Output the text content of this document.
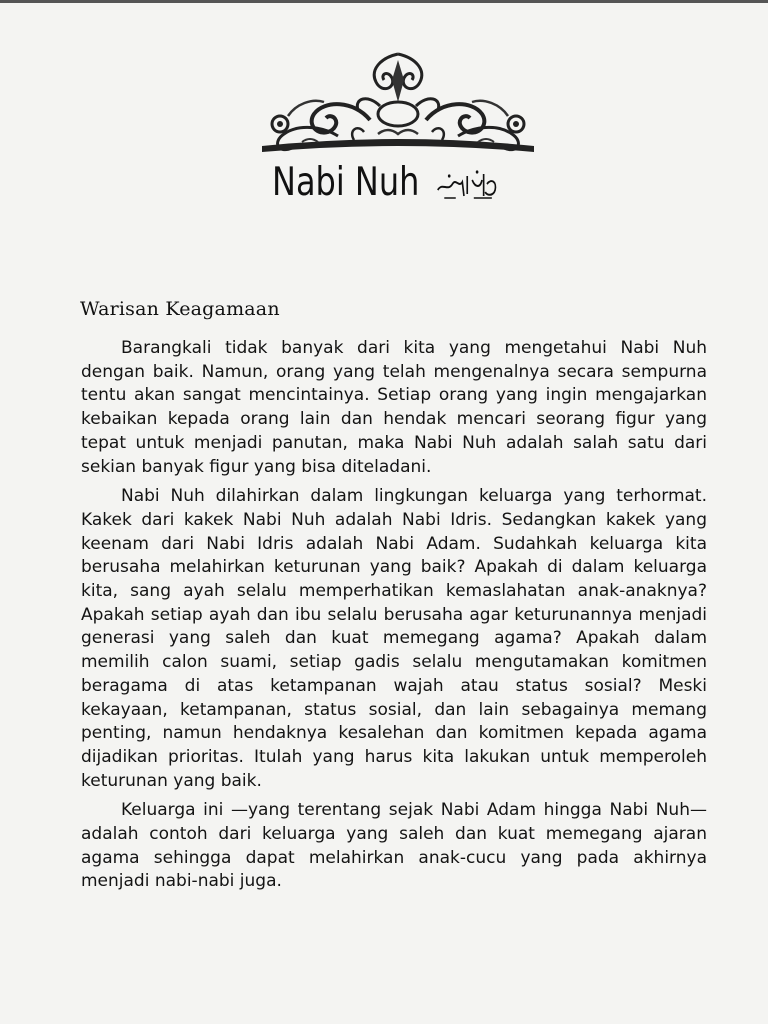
Nabi Nuh
Warisan Keagamaan

Barangkali tidak banyak dari kita yang mengetahui Nabi Nuh dengan baik. Namun, orang yang telah mengenalnya secara sempurna tentu akan sangat mencintainya. Setiap orang yang ingin mengajarkan kebaikan kepada orang lain dan hendak mencari seorang figur yang tepat untuk menjadi panutan, maka Nabi Nuh adalah salah satu dari sekian banyak figur yang bisa diteladani.

Nabi Nuh dilahirkan dalam lingkungan keluarga yang terhormat. Kakek dari kakek Nabi Nuh adalah Nabi Idris. Sedangkan kakek yang keenam dari Nabi Idris adalah Nabi Adam. Sudahkah keluarga kita berusaha melahirkan keturunan yang baik? Apakah di dalam keluarga kita, sang ayah selalu memperhatikan kemaslahatan anak-anaknya? Apakah setiap ayah dan ibu selalu berusaha agar keturunannya menjadi generasi yang saleh dan kuat memegang agama? Apakah dalam memilih calon suami, setiap gadis selalu mengutamakan komitmen beragama di atas ketampanan wajah atau status sosial? Meski kekayaan, ketampanan, status sosial, dan lain sebagainya memang penting, namun hendaknya kesalehan dan komitmen kepada agama dijadikan prioritas. Itulah yang harus kita lakukan untuk memperoleh keturunan yang baik.

Keluarga ini —yang terentang sejak Nabi Adam hingga Nabi Nuh— adalah contoh dari keluarga yang saleh dan kuat memegang ajaran agama sehingga dapat melahirkan anak-cucu yang pada akhirnya menjadi nabi-nabi juga.
